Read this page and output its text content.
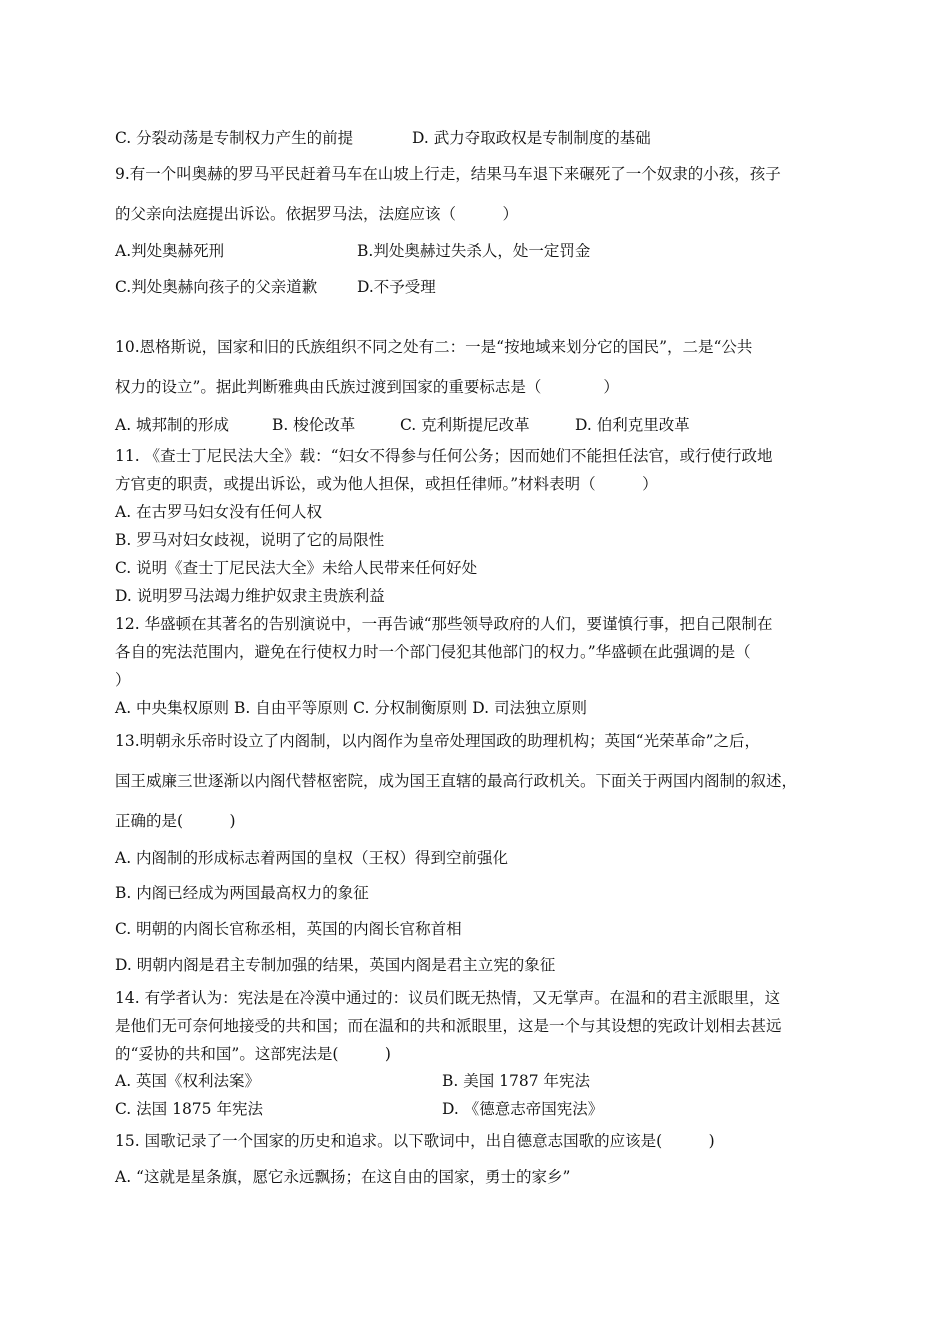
C. 分裂动荡是专制权力产生的前提	D. 武力夺取政权是专制制度的基础
9.有一个叫奥赫的罗马平民赶着马车在山坡上行走，结果马车退下来碾死了一个奴隶的小孩，孩子
的父亲向法庭提出诉讼。依据罗马法，法庭应该（　　　）
A.判处奥赫死刑	B.判处奥赫过失杀人，处一定罚金
C.判处奥赫向孩子的父亲道歉	D.不予受理
10.恩格斯说，国家和旧的氏族组织不同之处有二：一是“按地域来划分它的国民”，二是“公共
权力的设立”。据此判断雅典由氏族过渡到国家的重要标志是（　　　　）
A. 城邦制的形成	B. 梭伦改革	C. 克利斯提尼改革	D. 伯利克里改革
11. 《查士丁尼民法大全》载：“妇女不得参与任何公务；因而她们不能担任法官，或行使行政地
方官吏的职责，或提出诉讼，或为他人担保，或担任律师。”材料表明（　　　）
A. 在古罗马妇女没有任何人权
B. 罗马对妇女歧视，说明了它的局限性
C. 说明《查士丁尼民法大全》未给人民带来任何好处
D. 说明罗马法竭力维护奴隶主贵族利益
12. 华盛顿在其著名的告别演说中，一再告诫“那些领导政府的人们，要谨慎行事，把自己限制在
各自的宪法范围内，避免在行使权力时一个部门侵犯其他部门的权力。”华盛顿在此强调的是（
）
A. 中央集权原则 B. 自由平等原则 C. 分权制衡原则 D. 司法独立原则
13.明朝永乐帝时设立了内阁制，以内阁作为皇帝处理国政的助理机构；英国“光荣革命”之后，
国王威廉三世逐渐以内阁代替枢密院，成为国王直辖的最高行政机关。下面关于两国内阁制的叙述，
正确的是(　　　)
A. 内阁制的形成标志着两国的皇权（王权）得到空前强化
B. 内阁已经成为两国最高权力的象征
C. 明朝的内阁长官称丞相，英国的内阁长官称首相
D. 明朝内阁是君主专制加强的结果，英国内阁是君主立宪的象征
14. 有学者认为：宪法是在冷漠中通过的：议员们既无热情，又无掌声。在温和的君主派眼里，这
是他们无可奈何地接受的共和国；而在温和的共和派眼里，这是一个与其设想的宪政计划相去甚远
的“妥协的共和国”。这部宪法是(　　　)
A. 英国《权利法案》	B. 美国 1787 年宪法
C. 法国 1875 年宪法	D. 《德意志帝国宪法》
15. 国歌记录了一个国家的历史和追求。以下歌词中，出自德意志国歌的应该是(　　　)
A. “这就是星条旗，愿它永远飘扬；在这自由的国家，勇士的家乡”
